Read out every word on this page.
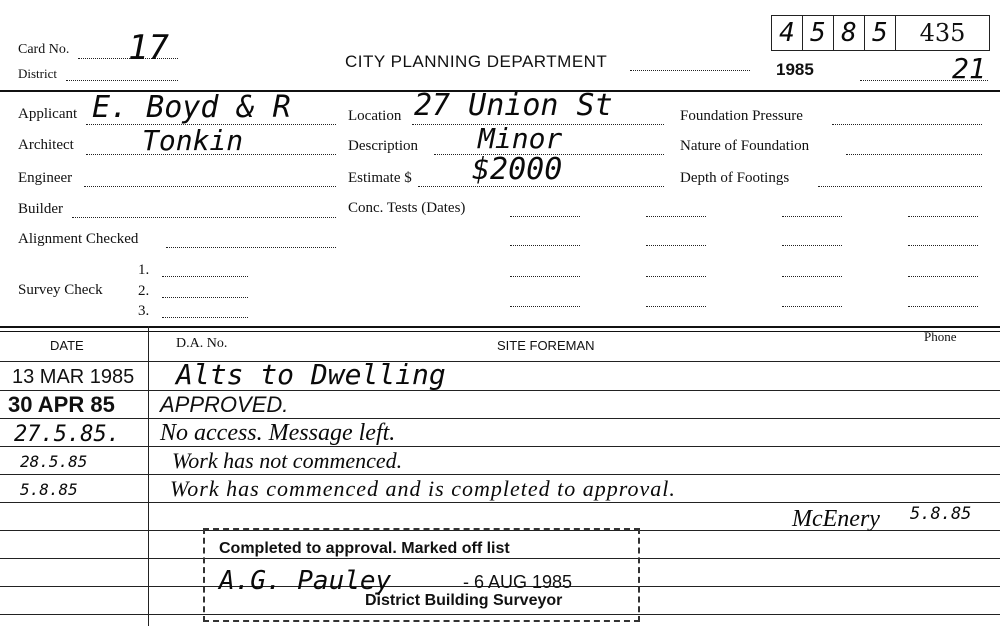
Card No. 17
District
CITY PLANNING DEPARTMENT
4 5 8 5	435
1985	21
Applicant E. Boyd & R
Architect Tonkin
Engineer
Builder
Alignment Checked
Survey Check
1.
2.
3.
Location 27 Union St
Description Minor
Estimate $ $2000
Conc. Tests (Dates)
Foundation Pressure
Nature of Foundation
Depth of Footings
DATE	D.A. No.	SITE FOREMAN
Phone
13 MAR 1985 Alts to Dwelling
30 APR 85 APPROVED.
27.5.85. No access. Message left.
28.5.85	Work has not commenced.
5.8.85	Work has commenced and is completed to approval.
McEnery 5.8.85
Completed to approval. Marked off list
- 6 AUG 1985
A.G. Pauley
District Building Surveyor
